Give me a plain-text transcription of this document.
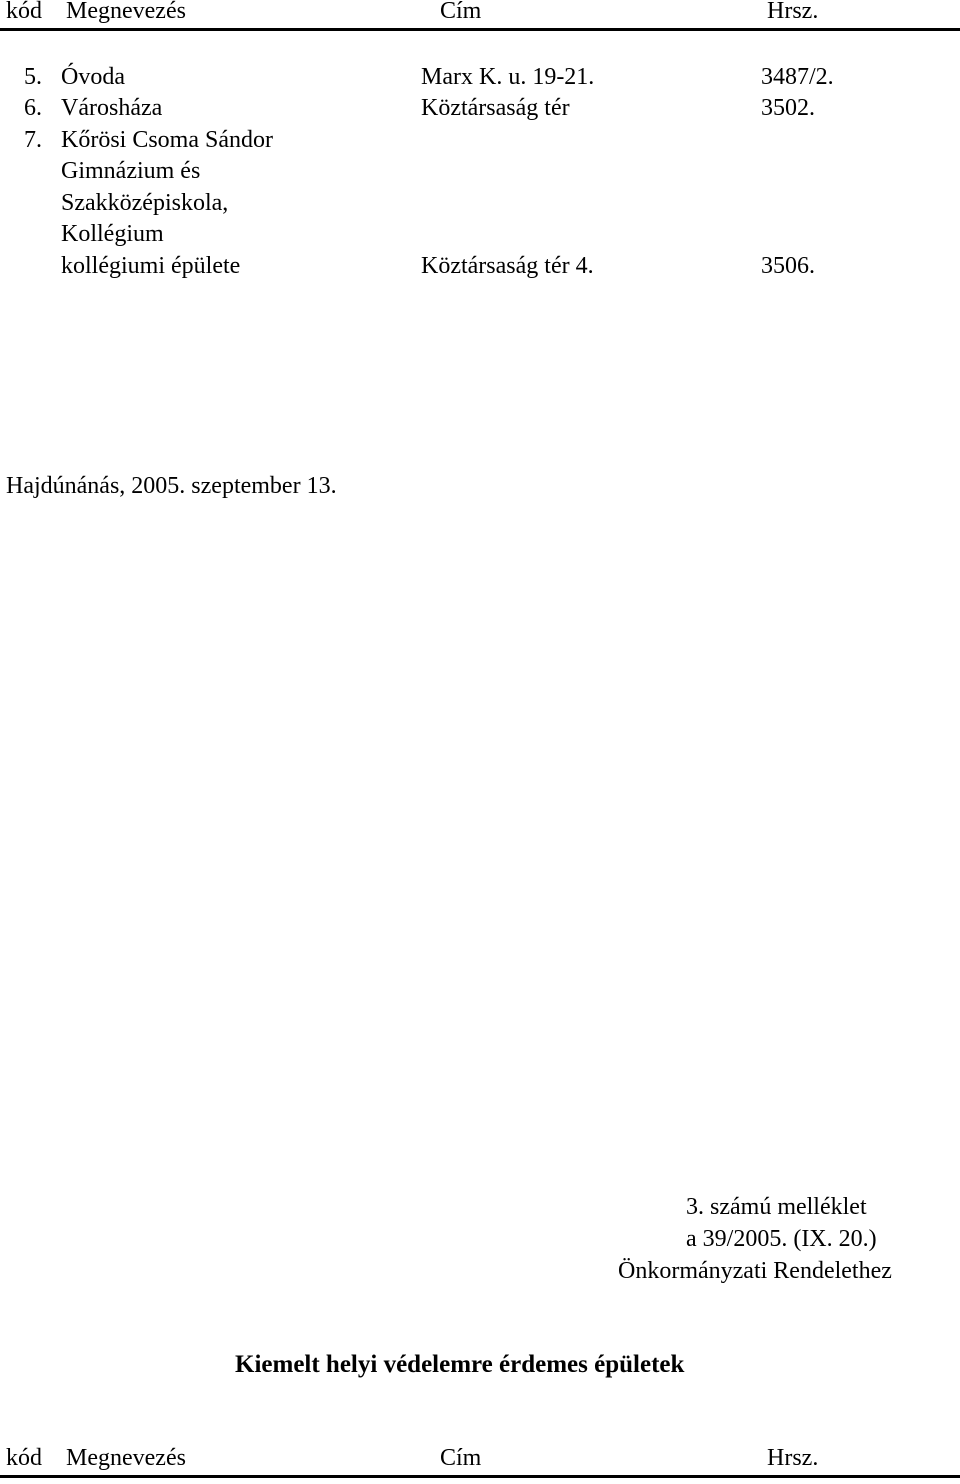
kód Megnevezés	Cím	Hrsz.
5. Óvoda	Marx K. u. 19-21.	3487/2.
6. Városháza	Köztársaság tér	3502.
7. Kőrösi Csoma Sándor
Gimnázium és
Szakközépiskola,
Kollégium
kollégiumi épülete	Köztársaság tér 4.	3506.
Hajdúnánás, 2005. szeptember 13.
3. számú melléklet
a 39/2005. (IX. 20.)
Önkormányzati Rendelethez
Kiemelt helyi védelemre érdemes épületek
kód Megnevezés	Cím	Hrsz.
